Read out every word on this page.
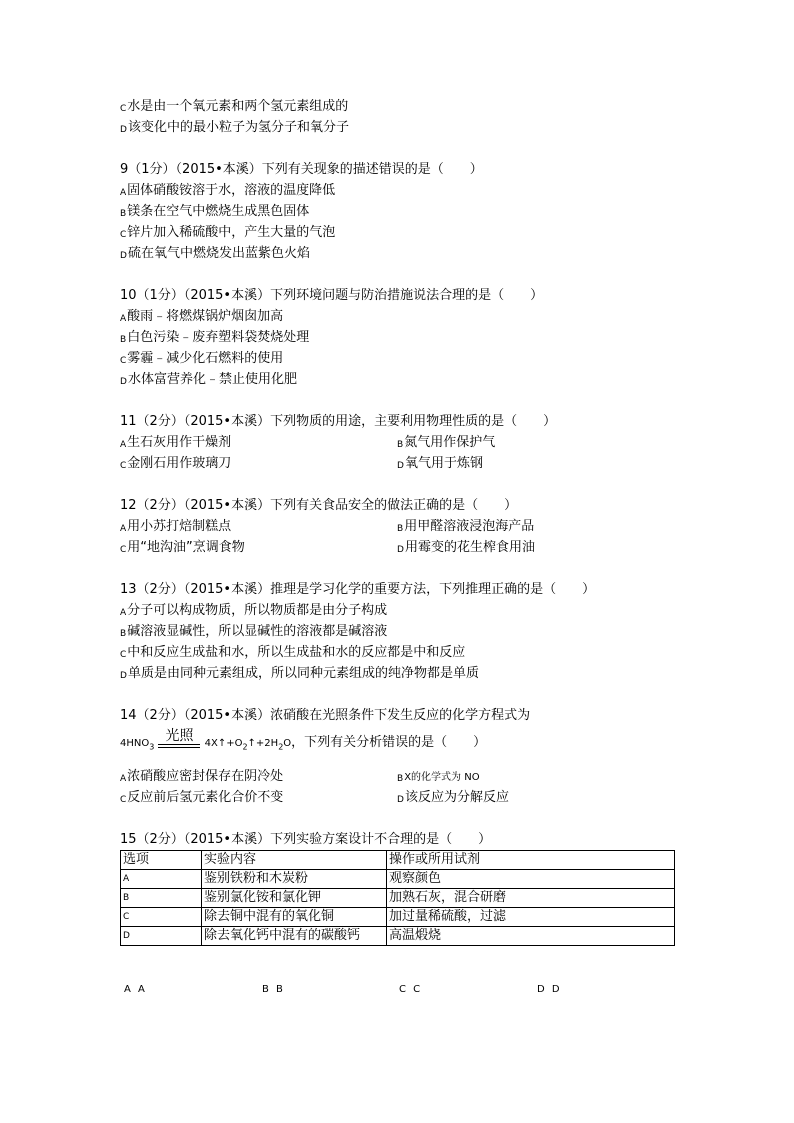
C水是由一个氧元素和两个氢元素组成的
D该变化中的最小粒子为氢分子和氧分子
9（1分）（2015•本溪）下列有关现象的描述错误的是（　　）
A固体硝酸铵溶于水，溶液的温度降低
B镁条在空气中燃烧生成黑色固体
C锌片加入稀硫酸中，产生大量的气泡
D硫在氧气中燃烧发出蓝紫色火焰
10（1分）（2015•本溪）下列环境问题与防治措施说法合理的是（　　）
A酸雨﹣将燃煤锅炉烟囱加高
B白色污染﹣废弃塑料袋焚烧处理
C雾霾﹣减少化石燃料的使用
D水体富营养化﹣禁止使用化肥
11（2分）（2015•本溪）下列物质的用途，主要利用物理性质的是（　　）
A生石灰用作干燥剂	B氮气用作保护气
C金刚石用作玻璃刀	D氧气用于炼钢
12（2分）（2015•本溪）下列有关食品安全的做法正确的是（　　）
A用小苏打焙制糕点	B用甲醛溶液浸泡海产品
C用“地沟油”烹调食物	D用霉变的花生榨食用油
13（2分）（2015•本溪）推理是学习化学的重要方法，下列推理正确的是（　　）
A分子可以构成物质，所以物质都是由分子构成
B碱溶液显碱性，所以显碱性的溶液都是碱溶液
C中和反应生成盐和水，所以生成盐和水的反应都是中和反应
D单质是由同种元素组成，所以同种元素组成的纯净物都是单质
14（2分）（2015•本溪）浓硝酸在光照条件下发生反应的化学方程式为
$4HNO_3$
光照	$4X↑+O_2↑+2H_2O$，下列有关分析错误的是（　　）
A浓硝酸应密封保存在阴冷处	BX的化学式为 NO
C反应前后氢元素化合价不变	D该反应为分解反应
15（2分）（2015•本溪）下列实验方案设计不合理的是（　　）
选项	实验内容	操作或所用试剂
A	鉴别铁粉和木炭粉	观察颜色
B	鉴别氯化铵和氯化钾	加熟石灰，混合研磨
C	除去铜中混有的氧化铜	加过量稀硫酸，过滤
D	除去氧化钙中混有的碳酸钙	高温煅烧
A A	B B	C C	D D
